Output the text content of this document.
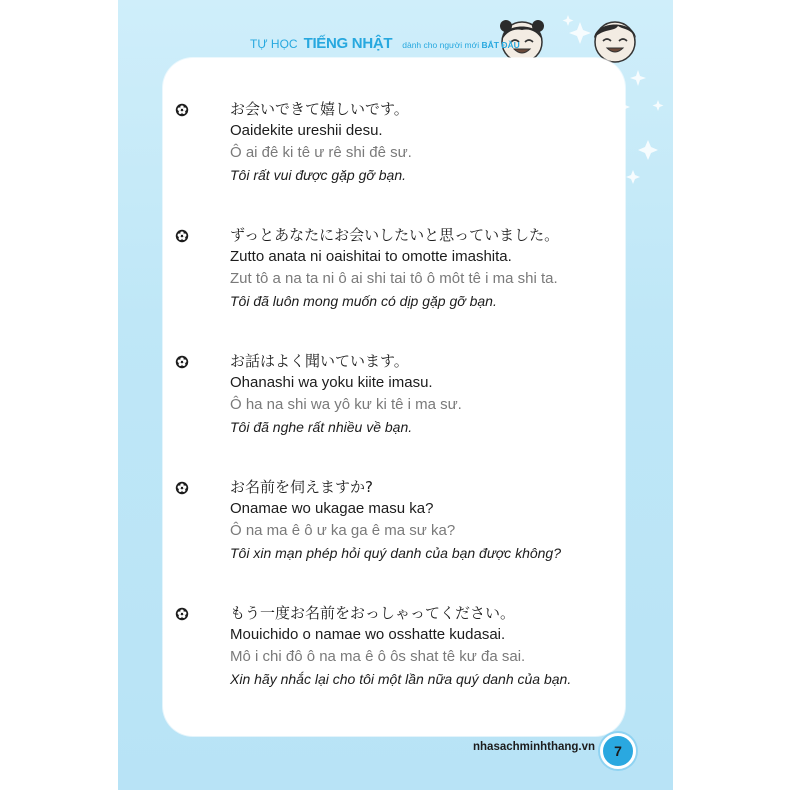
TỰ HỌC TIẾNG NHẬT dành cho người mới BẮT ĐẦU
お会いできて嬉しいです。
Oaidekite ureshii desu.
Ô ai đê ki tê ư rê shi đê sư.
Tôi rất vui được gặp gỡ bạn.
ずっとあなたにお会いしたいと思っていました。
Zutto anata ni oaishitai to omotte imashita.
Zut tô a na ta ni ô ai shi tai tô ô môt tê i ma shi ta.
Tôi đã luôn mong muốn có dịp gặp gỡ bạn.
お話はよく聞いています。
Ohanashi wa yoku kiite imasu.
Ô ha na shi wa yô kư ki tê i ma sư.
Tôi đã nghe rất nhiều về bạn.
お名前を伺えますか?
Onamae wo ukagae masu ka?
Ô na ma ê ô ư ka ga ê ma sư ka?
Tôi xin mạn phép hỏi quý danh của bạn được không?
もう一度お名前をおっしゃってください。
Mouichido o namae wo osshatte kudasai.
Mô i chi đô ô na ma ê ô ôs shat tê kư đa sai.
Xin hãy nhắc lại cho tôi một lần nữa quý danh của bạn.
nhasachminhthang.vn	7
